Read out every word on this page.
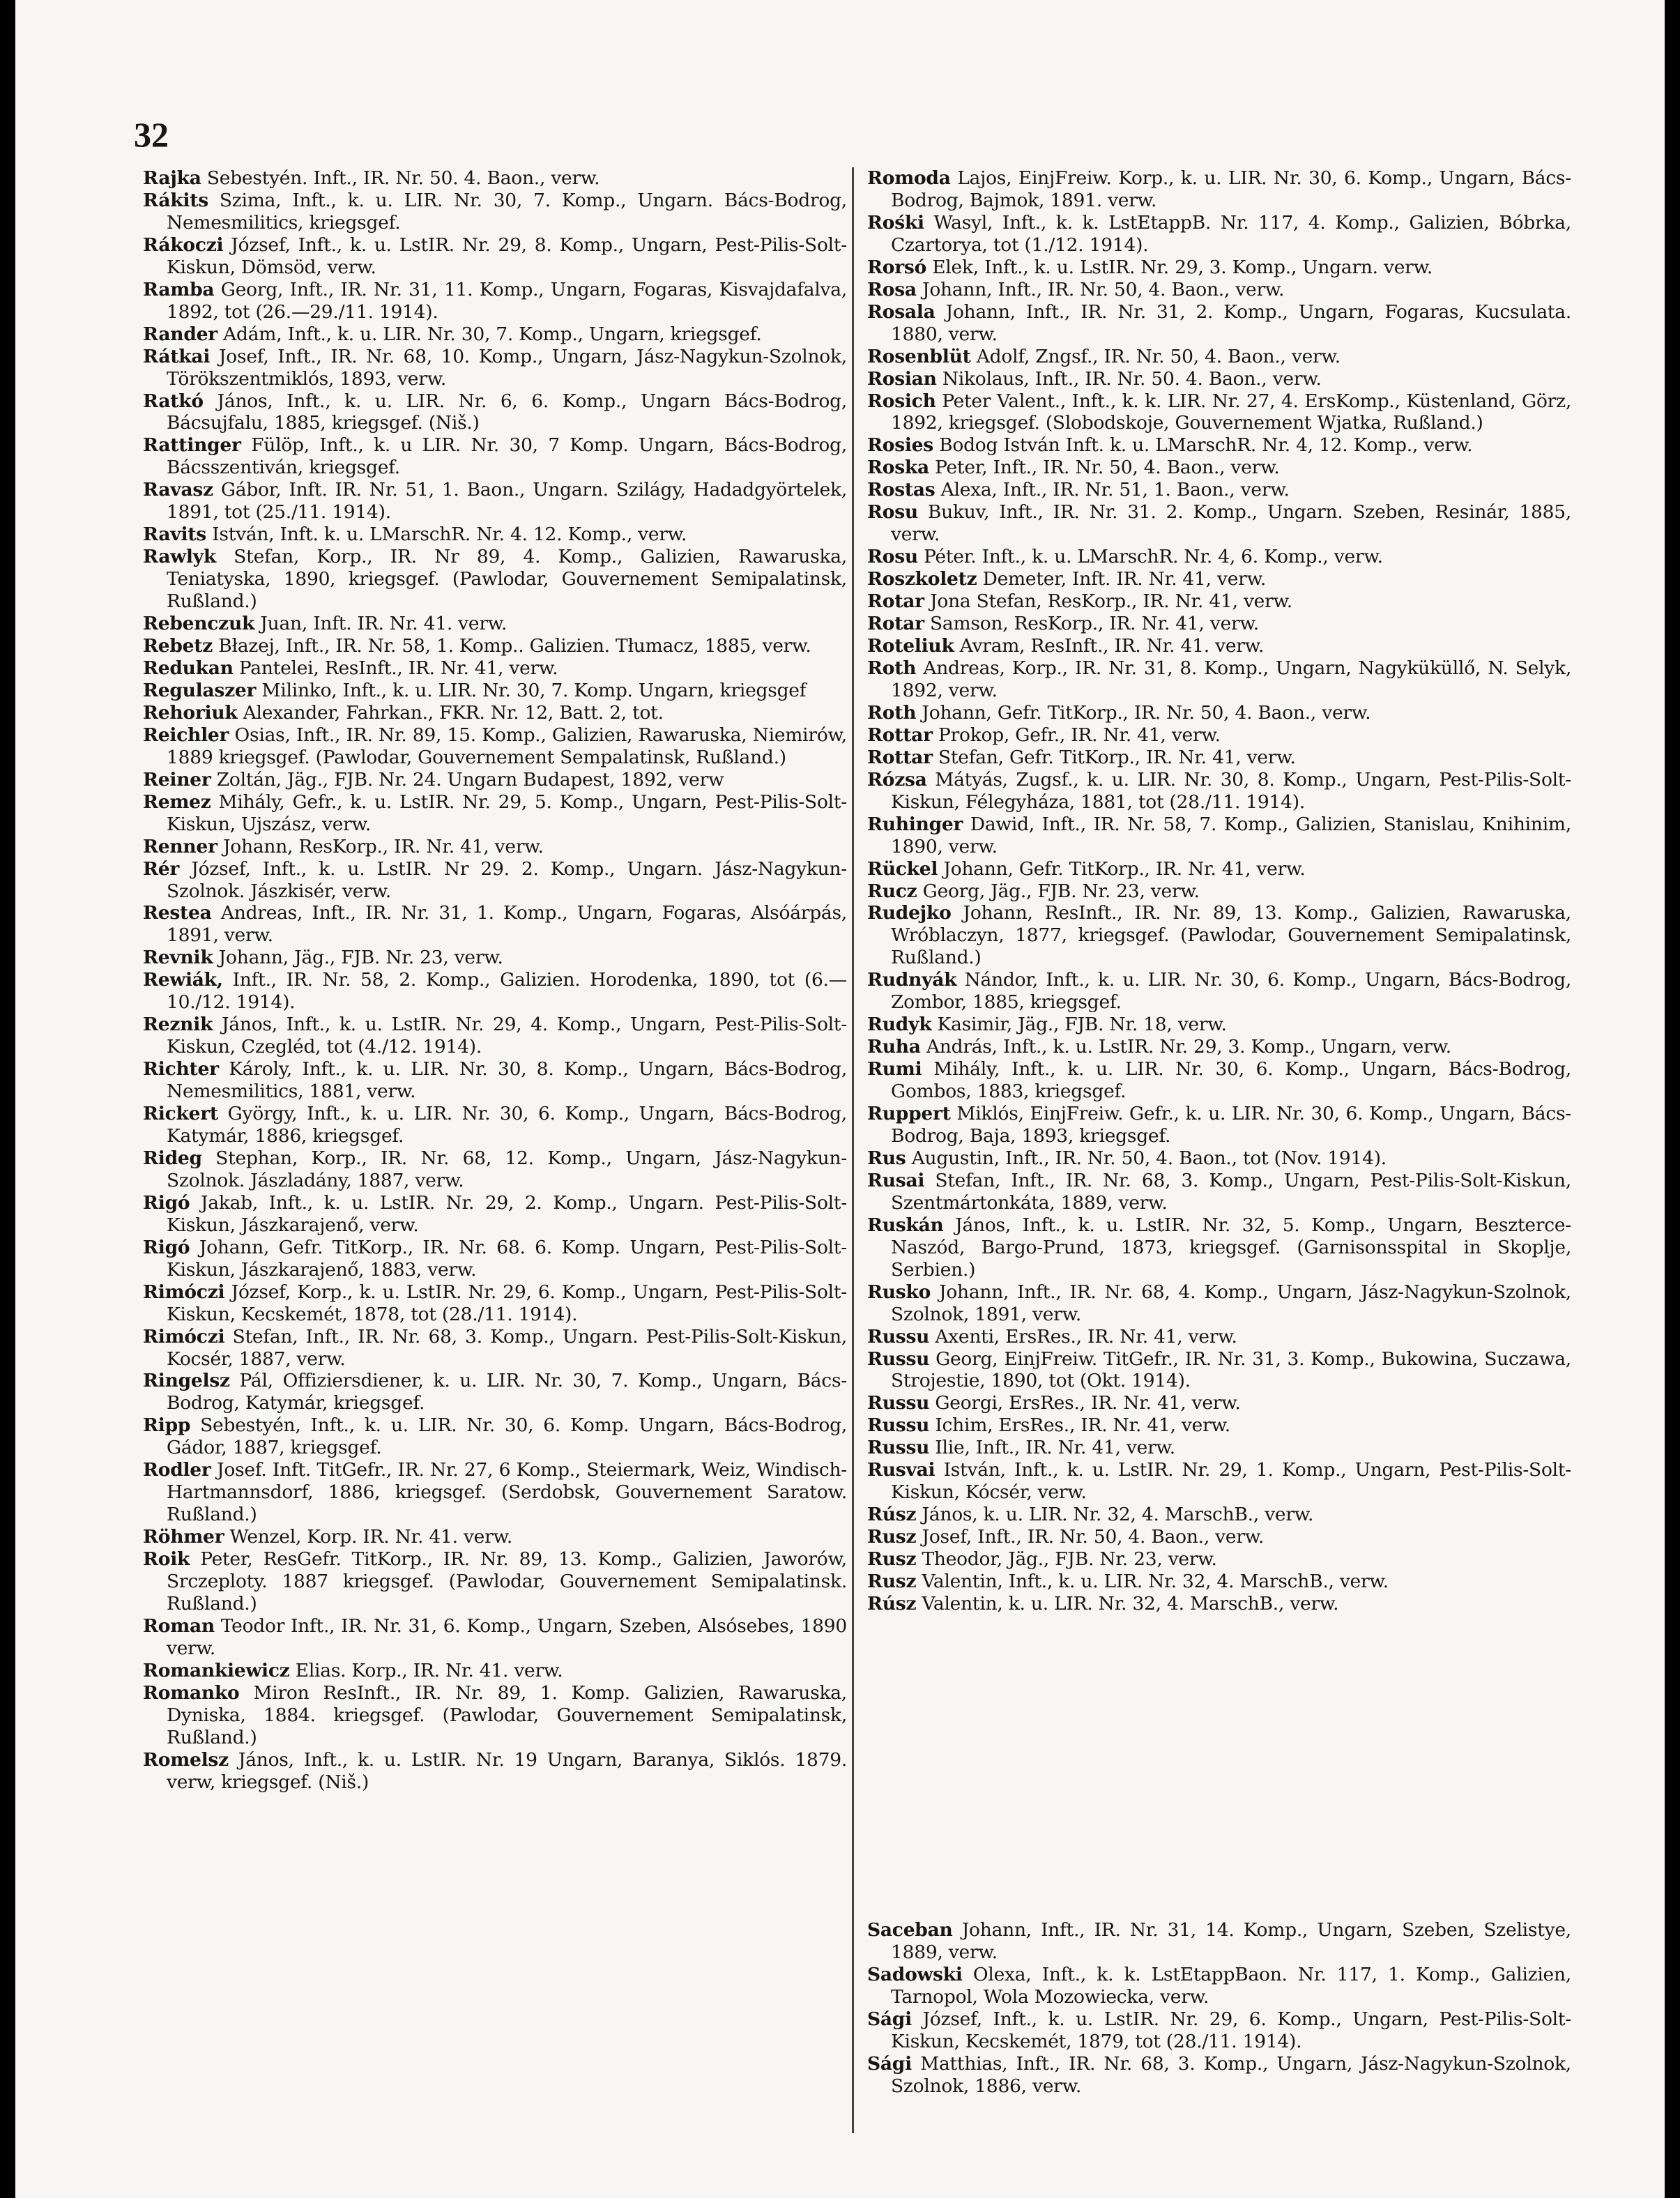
32
Rajka Sebestyén. Inft., IR. Nr. 50. 4. Baon., verw.
Rákits Szima, Inft., k. u. LIR. Nr. 30, 7. Komp., Ungarn. Bács-Bodrog, Nemesmilitics, kriegsgef.
Rákoczi József, Inft., k. u. LstIR. Nr. 29, 8. Komp., Ungarn, Pest-Pilis-Solt-Kiskun, Dömsöd, verw.
Ramba Georg, Inft., IR. Nr. 31, 11. Komp., Ungarn, Fogaras, Kisvajdafalva, 1892, tot (26.—29./11. 1914).
Rander Adám, Inft., k. u. LIR. Nr. 30, 7. Komp., Ungarn, kriegsgef.
Rátkai Josef, Inft., IR. Nr. 68, 10. Komp., Ungarn, Jász-Nagykun-Szolnok, Törökszentmiklós, 1893, verw.
Ratkó János, Inft., k. u. LIR. Nr. 6, 6. Komp., Ungarn Bács-Bodrog, Bácsujfalu, 1885, kriegsgef. (Niš.)
Rattinger Fülöp, Inft., k. u LIR. Nr. 30, 7 Komp. Ungarn, Bács-Bodrog, Bácsszentiván, kriegsgef.
Ravasz Gábor, Inft. IR. Nr. 51, 1. Baon., Ungarn. Szilágy, Hadadgyörtelek, 1891, tot (25./11. 1914).
Ravits István, Inft. k. u. LMarschR. Nr. 4. 12. Komp., verw.
Rawlyk Stefan, Korp., IR. Nr 89, 4. Komp., Galizien, Rawaruska, Teniatyska, 1890, kriegsgef. (Pawlodar, Gouvernement Semipalatinsk, Rußland.)
Rebenczuk Juan, Inft. IR. Nr. 41. verw.
Rebetz Błazej, Inft., IR. Nr. 58, 1. Komp.. Galizien. Tłumacz, 1885, verw.
Redukan Pantelei, ResInft., IR. Nr. 41, verw.
Regulaszer Milinko, Inft., k. u. LIR. Nr. 30, 7. Komp. Ungarn, kriegsgef
Rehoriuk Alexander, Fahrkan., FKR. Nr. 12, Batt. 2, tot.
Reichler Osias, Inft., IR. Nr. 89, 15. Komp., Galizien, Rawaruska, Niemirów, 1889 kriegsgef. (Pawlodar, Gouvernement Sempalatinsk, Rußland.)
Reiner Zoltán, Jäg., FJB. Nr. 24. Ungarn Budapest, 1892, verw
Remez Mihály, Gefr., k. u. LstIR. Nr. 29, 5. Komp., Ungarn, Pest-Pilis-Solt-Kiskun, Ujszász, verw.
Renner Johann, ResKorp., IR. Nr. 41, verw.
Rér József, Inft., k. u. LstIR. Nr 29. 2. Komp., Ungarn. Jász-Nagykun-Szolnok. Jászkisér, verw.
Restea Andreas, Inft., IR. Nr. 31, 1. Komp., Ungarn, Fogaras, Alsóárpás, 1891, verw.
Revnik Johann, Jäg., FJB. Nr. 23, verw.
Rewiák, Inft., IR. Nr. 58, 2. Komp., Galizien. Horodenka, 1890, tot (6.—10./12. 1914).
Reznik János, Inft., k. u. LstIR. Nr. 29, 4. Komp., Ungarn, Pest-Pilis-Solt-Kiskun, Czegléd, tot (4./12. 1914).
Richter Károly, Inft., k. u. LIR. Nr. 30, 8. Komp., Ungarn, Bács-Bodrog, Nemesmilitics, 1881, verw.
Rickert György, Inft., k. u. LIR. Nr. 30, 6. Komp., Ungarn, Bács-Bodrog, Katymár, 1886, kriegsgef.
Rideg Stephan, Korp., IR. Nr. 68, 12. Komp., Ungarn, Jász-Nagykun-Szolnok. Jászladány, 1887, verw.
Rigó Jakab, Inft., k. u. LstIR. Nr. 29, 2. Komp., Ungarn. Pest-Pilis-Solt-Kiskun, Jászkarajenő, verw.
Rigó Johann, Gefr. TitKorp., IR. Nr. 68. 6. Komp. Ungarn, Pest-Pilis-Solt-Kiskun, Jászkarajenő, 1883, verw.
Rimóczi József, Korp., k. u. LstIR. Nr. 29, 6. Komp., Ungarn, Pest-Pilis-Solt-Kiskun, Kecskemét, 1878, tot (28./11. 1914).
Rimóczi Stefan, Inft., IR. Nr. 68, 3. Komp., Ungarn. Pest-Pilis-Solt-Kiskun, Kocsér, 1887, verw.
Ringelsz Pál, Offiziersdiener, k. u. LIR. Nr. 30, 7. Komp., Ungarn, Bács-Bodrog, Katymár, kriegsgef.
Ripp Sebestyén, Inft., k. u. LIR. Nr. 30, 6. Komp. Ungarn, Bács-Bodrog, Gádor, 1887, kriegsgef.
Rodler Josef. Inft. TitGefr., IR. Nr. 27, 6 Komp., Steiermark, Weiz, Windisch-Hartmannsdorf, 1886, kriegsgef. (Serdobsk, Gouvernement Saratow. Rußland.)
Röhmer Wenzel, Korp. IR. Nr. 41. verw.
Roik Peter, ResGefr. TitKorp., IR. Nr. 89, 13. Komp., Galizien, Jaworów, Srczeploty. 1887 kriegsgef. (Pawlodar, Gouvernement Semipalatinsk. Rußland.)
Roman Teodor Inft., IR. Nr. 31, 6. Komp., Ungarn, Szeben, Alsósebes, 1890 verw.
Romankiewicz Elias. Korp., IR. Nr. 41. verw.
Romanko Miron ResInft., IR. Nr. 89, 1. Komp. Galizien, Rawaruska, Dyniska, 1884. kriegsgef. (Pawlodar, Gouvernement Semipalatinsk, Rußland.)
Romelsz János, Inft., k. u. LstIR. Nr. 19 Ungarn, Baranya, Siklós. 1879. verw, kriegsgef. (Niš.)
Romoda Lajos, EinjFreiw. Korp., k. u. LIR. Nr. 30, 6. Komp., Ungarn, Bács-Bodrog, Bajmok, 1891. verw.
Rośki Wasyl, Inft., k. k. LstEtappB. Nr. 117, 4. Komp., Galizien, Bóbrka, Czartorya, tot (1./12. 1914).
Rorsó Elek, Inft., k. u. LstIR. Nr. 29, 3. Komp., Ungarn. verw.
Rosa Johann, Inft., IR. Nr. 50, 4. Baon., verw.
Rosala Johann, Inft., IR. Nr. 31, 2. Komp., Ungarn, Fogaras, Kucsulata. 1880, verw.
Rosenblüt Adolf, Zngsf., IR. Nr. 50, 4. Baon., verw.
Rosian Nikolaus, Inft., IR. Nr. 50. 4. Baon., verw.
Rosich Peter Valent., Inft., k. k. LIR. Nr. 27, 4. ErsKomp., Küstenland, Görz, 1892, kriegsgef. (Slobodskoje, Gouvernement Wjatka, Rußland.)
Rosies Bodog István Inft. k. u. LMarschR. Nr. 4, 12. Komp., verw.
Roska Peter, Inft., IR. Nr. 50, 4. Baon., verw.
Rostas Alexa, Inft., IR. Nr. 51, 1. Baon., verw.
Rosu Bukuv, Inft., IR. Nr. 31. 2. Komp., Ungarn. Szeben, Resinár, 1885, verw.
Rosu Péter. Inft., k. u. LMarschR. Nr. 4, 6. Komp., verw.
Roszkoletz Demeter, Inft. IR. Nr. 41, verw.
Rotar Jona Stefan, ResKorp., IR. Nr. 41, verw.
Rotar Samson, ResKorp., IR. Nr. 41, verw.
Roteliuk Avram, ResInft., IR. Nr. 41. verw.
Roth Andreas, Korp., IR. Nr. 31, 8. Komp., Ungarn, Nagyküküllő, N. Selyk, 1892, verw.
Roth Johann, Gefr. TitKorp., IR. Nr. 50, 4. Baon., verw.
Rottar Prokop, Gefr., IR. Nr. 41, verw.
Rottar Stefan, Gefr. TitKorp., IR. Nr. 41, verw.
Rózsa Mátyás, Zugsf., k. u. LIR. Nr. 30, 8. Komp., Ungarn, Pest-Pilis-Solt-Kiskun, Félegyháza, 1881, tot (28./11. 1914).
Ruhinger Dawid, Inft., IR. Nr. 58, 7. Komp., Galizien, Stanislau, Knihinim, 1890, verw.
Rückel Johann, Gefr. TitKorp., IR. Nr. 41, verw.
Rucz Georg, Jäg., FJB. Nr. 23, verw.
Rudejko Johann, ResInft., IR. Nr. 89, 13. Komp., Galizien, Rawaruska, Wróblaczyn, 1877, kriegsgef. (Pawlodar, Gouvernement Semipalatinsk, Rußland.)
Rudnyák Nándor, Inft., k. u. LIR. Nr. 30, 6. Komp., Ungarn, Bács-Bodrog, Zombor, 1885, kriegsgef.
Rudyk Kasimir, Jäg., FJB. Nr. 18, verw.
Ruha András, Inft., k. u. LstIR. Nr. 29, 3. Komp., Ungarn, verw.
Rumi Mihály, Inft., k. u. LIR. Nr. 30, 6. Komp., Ungarn, Bács-Bodrog, Gombos, 1883, kriegsgef.
Ruppert Miklós, EinjFreiw. Gefr., k. u. LIR. Nr. 30, 6. Komp., Ungarn, Bács-Bodrog, Baja, 1893, kriegsgef.
Rus Augustin, Inft., IR. Nr. 50, 4. Baon., tot (Nov. 1914).
Rusai Stefan, Inft., IR. Nr. 68, 3. Komp., Ungarn, Pest-Pilis-Solt-Kiskun, Szentmártonkáta, 1889, verw.
Ruskán János, Inft., k. u. LstIR. Nr. 32, 5. Komp., Ungarn, Beszterce-Naszód, Bargo-Prund, 1873, kriegsgef. (Garnisonsspital in Skoplje, Serbien.)
Rusko Johann, Inft., IR. Nr. 68, 4. Komp., Ungarn, Jász-Nagykun-Szolnok, Szolnok, 1891, verw.
Russu Axenti, ErsRes., IR. Nr. 41, verw.
Russu Georg, EinjFreiw. TitGefr., IR. Nr. 31, 3. Komp., Bukowina, Suczawa, Strojestie, 1890, tot (Okt. 1914).
Russu Georgi, ErsRes., IR. Nr. 41, verw.
Russu Ichim, ErsRes., IR. Nr. 41, verw.
Russu Ilie, Inft., IR. Nr. 41, verw.
Rusvai István, Inft., k. u. LstIR. Nr. 29, 1. Komp., Ungarn, Pest-Pilis-Solt-Kiskun, Kócsér, verw.
Rúsz János, k. u. LIR. Nr. 32, 4. MarschB., verw.
Rusz Josef, Inft., IR. Nr. 50, 4. Baon., verw.
Rusz Theodor, Jäg., FJB. Nr. 23, verw.
Rusz Valentin, Inft., k. u. LIR. Nr. 32, 4. MarschB., verw.
Rúsz Valentin, k. u. LIR. Nr. 32, 4. MarschB., verw.
Saceban Johann, Inft., IR. Nr. 31, 14. Komp., Ungarn, Szeben, Szelistye, 1889, verw.
Sadowski Olexa, Inft., k. k. LstEtappBaon. Nr. 117, 1. Komp., Galizien, Tarnopol, Wola Mozowiecka, verw.
Sági József, Inft., k. u. LstIR. Nr. 29, 6. Komp., Ungarn, Pest-Pilis-Solt-Kiskun, Kecskemét, 1879, tot (28./11. 1914).
Sági Matthias, Inft., IR. Nr. 68, 3. Komp., Ungarn, Jász-Nagykun-Szolnok, Szolnok, 1886, verw.
